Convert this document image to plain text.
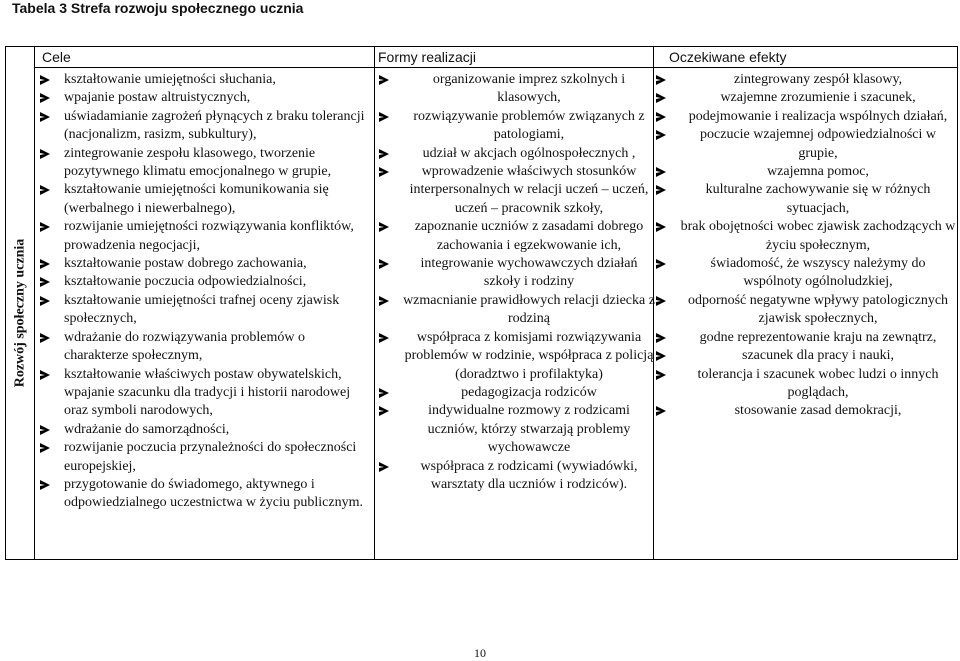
Tabela 3 Strefa rozwoju społecznego ucznia
Cele	Formy realizacji	Oczekiwane efekty
Rozwój społeczny ucznia
kształtowanie umiejętności słuchania,
wpajanie postaw altruistycznych,
uświadamianie zagrożeń płynących z braku tolerancji (nacjonalizm, rasizm, subkultury),
zintegrowanie zespołu klasowego, tworzenie pozytywnego klimatu emocjonalnego w grupie,
kształtowanie umiejętności komunikowania się (werbalnego i niewerbalnego),
rozwijanie umiejętności rozwiązywania konfliktów, prowadzenia negocjacji,
kształtowanie postaw dobrego zachowania,
kształtowanie poczucia odpowiedzialności,
kształtowanie umiejętności trafnej oceny zjawisk społecznych,
wdrażanie do rozwiązywania problemów o charakterze społecznym,
kształtowanie właściwych postaw obywatelskich, wpajanie szacunku dla tradycji i historii narodowej oraz symboli narodowych,
wdrażanie do samorządności,
rozwijanie poczucia przynależności do społeczności europejskiej,
przygotowanie do świadomego, aktywnego i odpowiedzialnego uczestnictwa w życiu publicznym.
organizowanie imprez szkolnych i klasowych,
rozwiązywanie problemów związanych z patologiami,
udział w akcjach ogólnospołecznych ,
wprowadzenie właściwych stosunków interpersonalnych w relacji uczeń – uczeń, uczeń – pracownik szkoły,
zapoznanie uczniów z zasadami dobrego zachowania i egzekwowanie ich,
integrowanie wychowawczych działań szkoły i rodziny
wzmacnianie prawidłowych relacji dziecka z rodziną
współpraca z komisjami rozwiązywania problemów w rodzinie, współpraca z policją (doradztwo i profilaktyka)
pedagogizacja rodziców
indywidualne rozmowy z rodzicami uczniów, którzy stwarzają problemy wychowawcze
współpraca z rodzicami (wywiadówki, warsztaty dla uczniów i rodziców).
zintegrowany zespół klasowy,
wzajemne zrozumienie i szacunek,
podejmowanie i realizacja wspólnych działań,
poczucie wzajemnej odpowiedzialności w grupie,
wzajemna pomoc,
kulturalne zachowywanie się w różnych sytuacjach,
brak obojętności wobec zjawisk zachodzących w życiu społecznym,
świadomość, że wszyscy należymy do wspólnoty ogólnoludzkiej,
odporność negatywne wpływy patologicznych zjawisk społecznych,
godne reprezentowanie kraju na zewnątrz,
szacunek dla pracy i nauki,
tolerancja i szacunek wobec ludzi o innych poglądach,
stosowanie zasad demokracji,
10
